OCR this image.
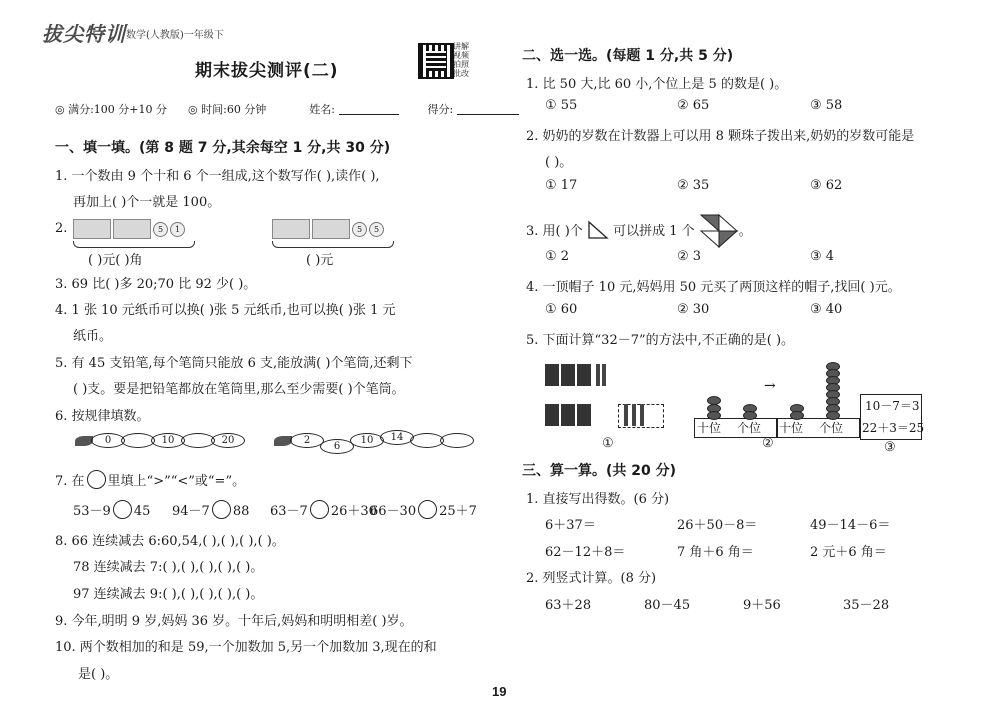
拔尖特训 数学(人教版)一年级下
期末拔尖测评(二)
讲解视频拍照批改
◎ 满分:100 分+10 分 ◎ 时间:60 分钟	姓名:	得分:
一、填一填。(第 8 题 7 分,其余每空 1 分,共 30 分)
1. 一个数由 9 个十和 6 个一组成,这个数写作( ),读作( ),
再加上( )个一就是 100。
2.	5 1
( )元( )角
5 5
( )元
3. 69 比( )多 20;70 比 92 少( )。
4. 1 张 10 元纸币可以换( )张 5 元纸币,也可以换( )张 1 元
纸币。
5. 有 45 支铅笔,每个笔筒只能放 6 支,能放满( )个笔筒,还剩下
( )支。要是把铅笔都放在笔筒里,那么至少需要( )个笔筒。
6. 按规律填数。
0	10	20	2610 14
7. 在 里填上“>”“<”或“=”。
53－9 45 94－7 88 63－7 26＋30
66－30 25＋7
8. 66 连续减去 6:60,54,( ),( ),( ),( )。
78 连续减去 7:( ),( ),( ),( ),( )。
97 连续减去 9:( ),( ),( ),( ),( )。
9. 今年,明明 9 岁,妈妈 36 岁。十年后,妈妈和明明相差( )岁。
10. 两个数相加的和是 59,一个加数加 5,另一个加数加 3,现在的和
是( )。
二、选一选。(每题 1 分,共 5 分)
1. 比 50 大,比 60 小,个位上是 5 的数是( )。
① 55	② 65	③ 58
2. 奶奶的岁数在计数器上可以用 8 颗珠子拨出来,奶奶的岁数可能是
( )。
① 17	② 35	③ 62
3. 用( )个 可以拼成 1 个	。
① 2	② 3	③ 4
4. 一顶帽子 10 元,妈妈用 50 元买了两顶这样的帽子,找回( )元。
① 60	② 30	③ 40
5. 下面计算“32－7”的方法中,不正确的是( )。
①
十位 个位
→
②
十位 个位
10－7＝3
22＋3＝25
③
三、算一算。(共 20 分)
1. 直接写出得数。(6 分)
6＋37＝	26＋50－8＝	49－14－6＝
62－12＋8＝	7 角＋6 角＝	2 元＋6 角＝
2. 列竖式计算。(8 分)
63＋28	80－45	9＋56	35－28
19
